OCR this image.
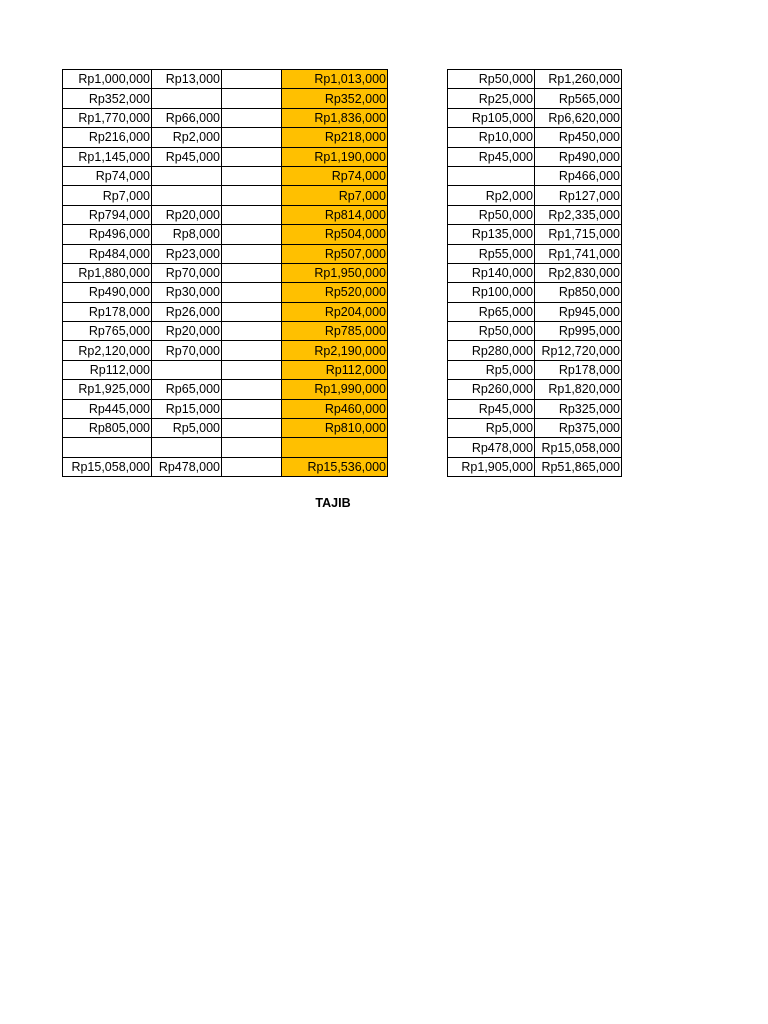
Rp1,000,000	Rp13,000		Rp1,013,000
Rp352,000			Rp352,000
Rp1,770,000	Rp66,000		Rp1,836,000
Rp216,000	Rp2,000		Rp218,000
Rp1,145,000	Rp45,000		Rp1,190,000
Rp74,000			Rp74,000
Rp7,000			Rp7,000
Rp794,000	Rp20,000		Rp814,000
Rp496,000	Rp8,000		Rp504,000
Rp484,000	Rp23,000		Rp507,000
Rp1,880,000	Rp70,000		Rp1,950,000
Rp490,000	Rp30,000		Rp520,000
Rp178,000	Rp26,000		Rp204,000
Rp765,000	Rp20,000		Rp785,000
Rp2,120,000	Rp70,000		Rp2,190,000
Rp112,000			Rp112,000
Rp1,925,000	Rp65,000		Rp1,990,000
Rp445,000	Rp15,000		Rp460,000
Rp805,000	Rp5,000		Rp810,000

Rp15,058,000	Rp478,000		Rp15,536,000
Rp50,000	Rp1,260,000
Rp25,000	Rp565,000
Rp105,000	Rp6,620,000
Rp10,000	Rp450,000
Rp45,000	Rp490,000
	Rp466,000
Rp2,000	Rp127,000
Rp50,000	Rp2,335,000
Rp135,000	Rp1,715,000
Rp55,000	Rp1,741,000
Rp140,000	Rp2,830,000
Rp100,000	Rp850,000
Rp65,000	Rp945,000
Rp50,000	Rp995,000
Rp280,000	Rp12,720,000
Rp5,000	Rp178,000
Rp260,000	Rp1,820,000
Rp45,000	Rp325,000
Rp5,000	Rp375,000
Rp478,000	Rp15,058,000
Rp1,905,000	Rp51,865,000
TAJIB
